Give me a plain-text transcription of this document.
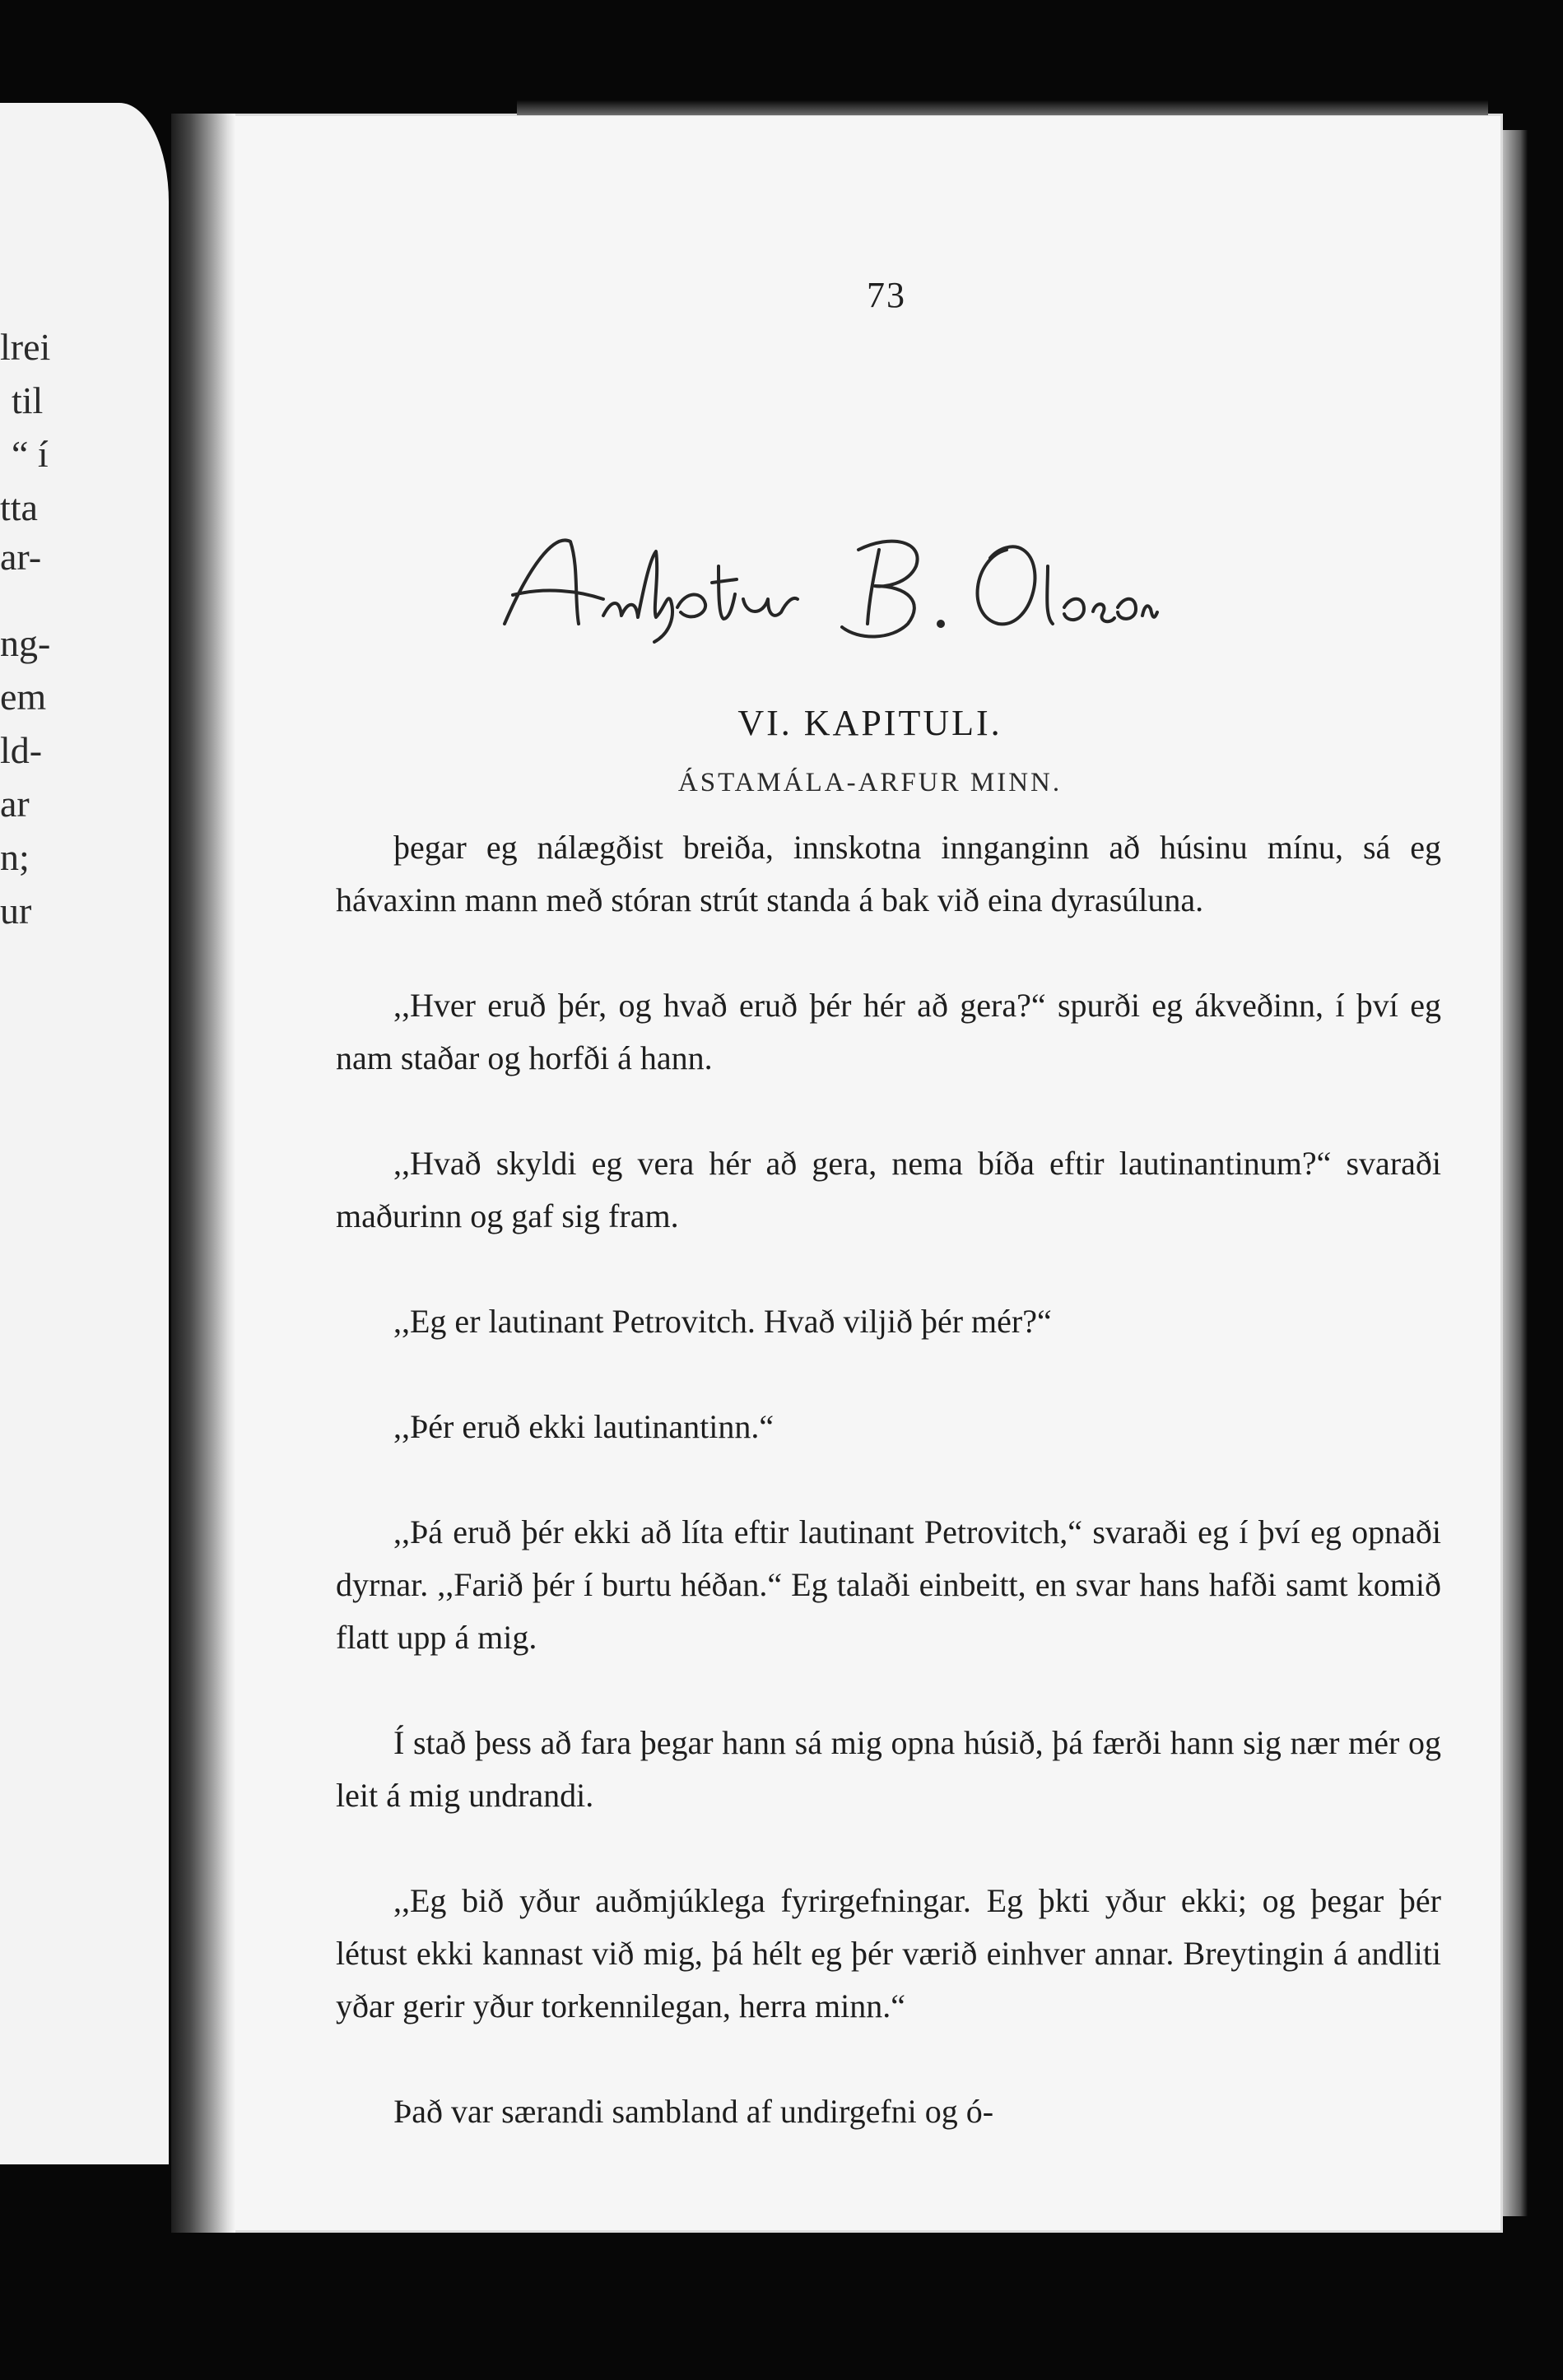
lrei
til
“ í
tta
ar-
ng-
em
ld-
ar
n;
ur
73
VI. KAPITULI.
ÁSTAMÁLA-ARFUR MINN.

þegar eg nálægðist breiða, innskotna innganginn að húsinu mínu, sá eg hávaxinn mann með stóran strút standa á bak við eina dyrasúluna.

,,Hver eruð þér, og hvað eruð þér hér að gera?“ spurði eg ákveðinn, í því eg nam staðar og horfði á hann.

,,Hvað skyldi eg vera hér að gera, nema bíða eftir lautinantinum?“ svaraði maðurinn og gaf sig fram.

,,Eg er lautinant Petrovitch. Hvað viljið þér mér?“

,,Þér eruð ekki lautinantinn.“

,,Þá eruð þér ekki að líta eftir lautinant Petrovitch,“ svaraði eg í því eg opnaði dyrnar. ,,Farið þér í burtu héðan.“ Eg talaði einbeitt, en svar hans hafði samt komið flatt upp á mig.

Í stað þess að fara þegar hann sá mig opna húsið, þá færði hann sig nær mér og leit á mig undrandi.

,,Eg bið yður auðmjúklega fyrirgefningar. Eg þkti yður ekki; og þegar þér létust ekki kannast við mig, þá hélt eg þér værið einhver annar. Breytingin á andliti yðar gerir yður torkennilegan, herra minn.“

Það var særandi sambland af undirgefni og ó-
